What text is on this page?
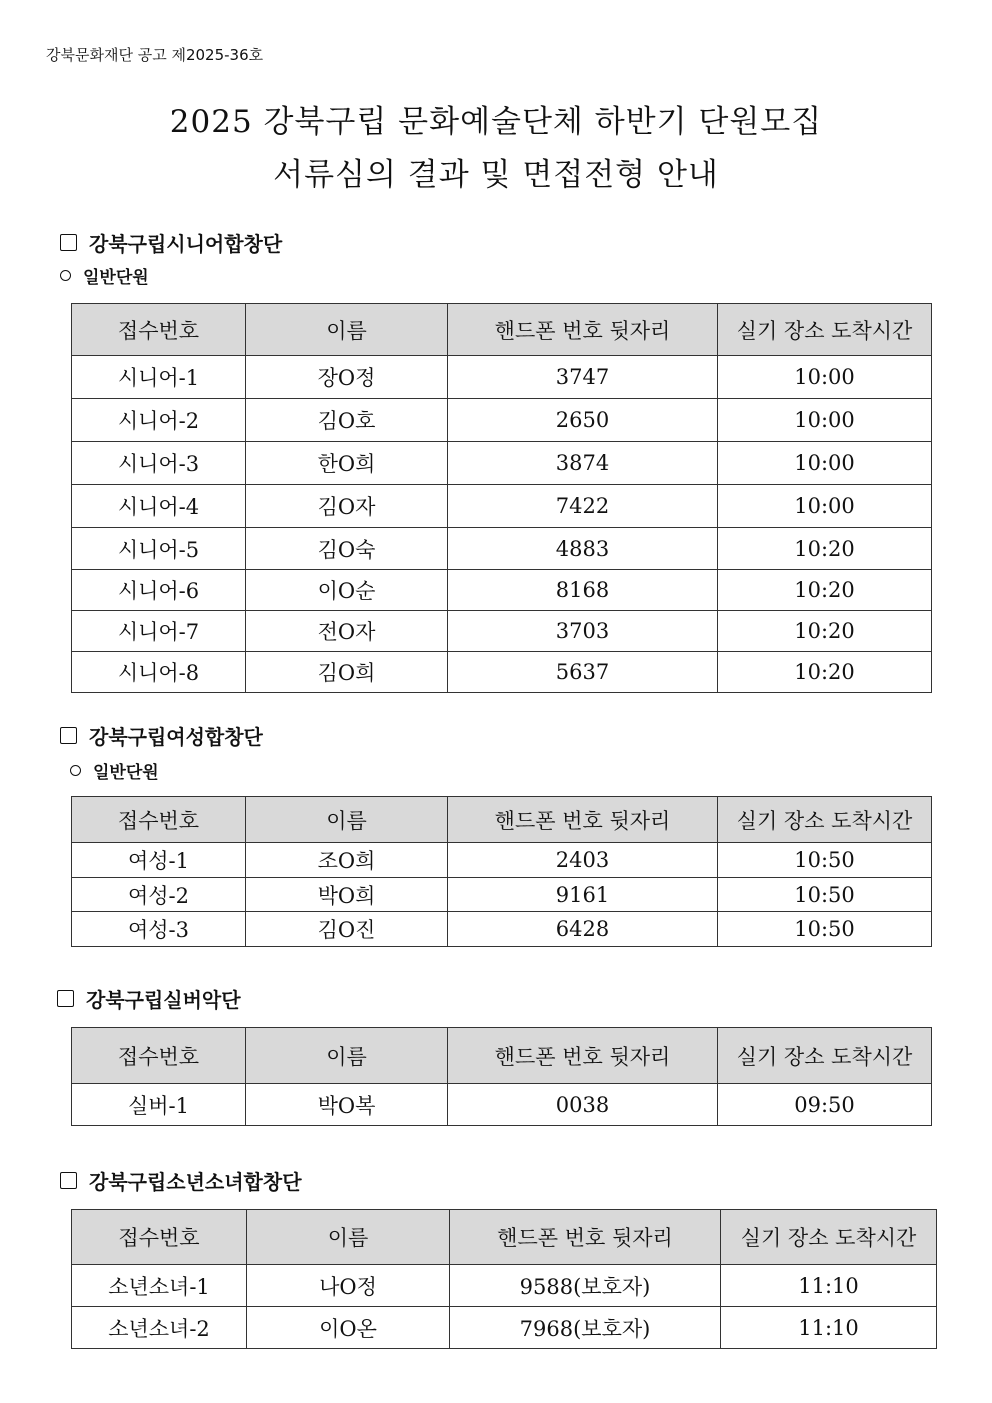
강북문화재단 공고 제2025-36호
2025 강북구립 문화예술단체 하반기 단원모집
서류심의 결과 및 면접전형 안내
강북구립시니어합창단
일반단원
접수번호	이름	핸드폰 번호 뒷자리	실기 장소 도착시간
시니어-1	장O정	3747	10:00
시니어-2	김O호	2650	10:00
시니어-3	한O희	3874	10:00
시니어-4	김O자	7422	10:00
시니어-5	김O숙	4883	10:20
시니어-6	이O순	8168	10:20
시니어-7	전O자	3703	10:20
시니어-8	김O희	5637	10:20
강북구립여성합창단
일반단원
접수번호	이름	핸드폰 번호 뒷자리	실기 장소 도착시간
여성-1	조O희	2403	10:50
여성-2	박O희	9161	10:50
여성-3	김O진	6428	10:50
강북구립실버악단
접수번호	이름	핸드폰 번호 뒷자리	실기 장소 도착시간
실버-1	박O복	0038	09:50
강북구립소년소녀합창단
접수번호	이름	핸드폰 번호 뒷자리	실기 장소 도착시간
소년소녀-1	나O정	9588(보호자)	11:10
소년소녀-2	이O온	7968(보호자)	11:10
